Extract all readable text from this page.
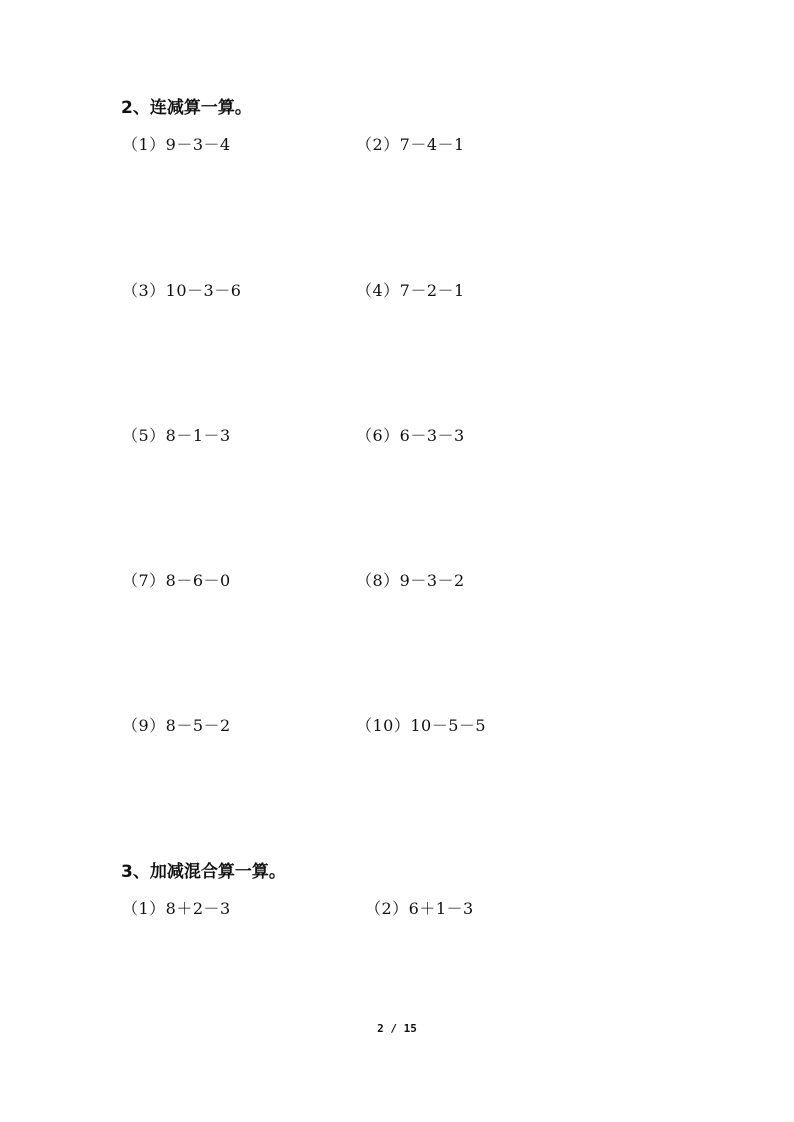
2、连减算一算。
（1）9－3－4	（2）7－4－1
（3）10－3－6	（4）7－2－1
（5）8－1－3	（6）6－3－3
（7）8－6－0	（8）9－3－2
（9）8－5－2	（10）10－5－5
3、加减混合算一算。
（1）8＋2－3	（2）6＋1－3
2 / 15
